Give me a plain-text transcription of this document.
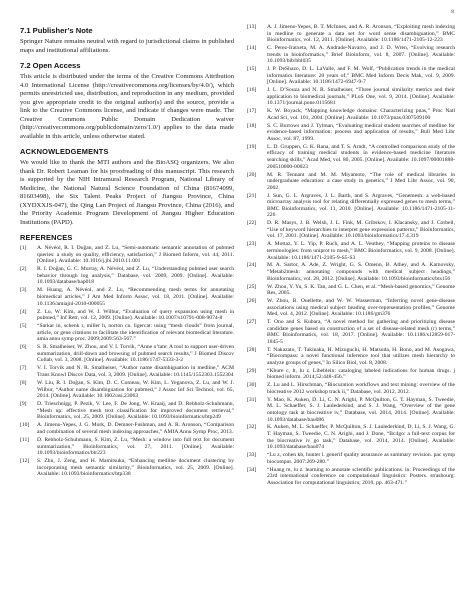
8
7.1 Publisher’s Note

Springer Nature remains neutral with regard to jurisdictional claims in published maps and institutional affiliations.

7.2 Open Access

This article is distributed under the terms of the Creative Commons Attribution 4.0 International License (http://creativecommons.org/licenses/by/4.0/), which permits unrestricted use, distribution, and reproduction in any medium, provided you give appropriate credit to the original author(s) and the source, provide a link to the Creative Commons license, and indicate if changes were made. The Creative Commons Public Domain Dedication waiver (http://creativecommons.org/publicdomain/zero/1.0/) applies to the data made available in this article, unless otherwise stated.

ACKNOWLEDGEMENTS

We would like to thank the MTI authors and the BioASQ organizers. We also thank Dr. Robert Leaman for his proofreading of this manuscript. This research is supported by the NIH Intramural Research Program, National Library of Medicine, the National Natural Science Foundation of China (81674099, 81603498), the Six Talent Peaks Project of Jiangsu Province, China (XYDXXJS-047), the Qing Lan Project of Jiangsu Province, China (2016), and the Priority Academic Program Development of Jiangsu Higher Education Institutions (PAPD).

REFERENCES
[1] A. Névéol, R. I. Doğan, and Z. Lu, “Semi-automatic semantic annotation of pubmed queries: a study on quality, efficiency, satisfaction,” J Biomed Inform, vol. 44, 2011. [Online]. Available: 10.1016/j.jbi.2010.11.001
[2] R. I. Doğan, G. C. Murray, A. Névéol, and Z. Lu, “Understanding pubmed user search behavior through log analysis,” Database, vol. 2009, 2009. [Online]. Available: 10.1093/database/bap018
[3] M. Huang, A. Névéol, and Z. Lu, “Recommending mesh terms for annotating biomedical articles,” J Am Med Inform Assoc, vol. 18, 2011. [Online]. Available: 10.1136/amiajnl-2010-000055
[4] Z. Lu, W. Kim, and W. J. Wilbur, “Evaluation of query expansion using mesh in pubmed,” Inf Retr, vol. 12, 2009. [Online]. Available: 10.1007/s10791-008-9074-8
[5] “Sarkar in, schenk r, miller h, norton cn. ligercat: using “mesh clouds” from journal, article, or gene citations to facilitate the identification of relevant biomedical literature. amia annu symp proc. 2009;2009:563-567.”
[6] S. R. Smalheiser, W. Zhou, and V. I. Torvik, “Anne o’tate: A tool to support user-driven summarization, drill-down and browsing of pubmed search results,” J Biomed Discov Collab, vol. 3, 2008. [Online]. Available: 10.1186/1747-5333-3-2
[7] V. I. Torvik and N. R. Smalheiser, “Author name disambiguation in medline,” ACM Trans Knowl Discov Data, vol. 3, 2009. [Online]. Available: 10.1145/1552303.1552304
[8] W. Liu, R. I. Doğan, S. Kim, D. C. Comeau, W. Kim, L. Yeganova, Z. Lu, and W. J. Wilbur, “Author name disambiguation for pubmed,” J Assoc Inf Sci Technol, vol. 65, 2014. [Online]. Available: 10.1002/asi.23063
[9] D. Trieschnigg, P. Pezik, V. Lee, F. De Jong, W. Kraaij, and D. Rebholz-Schuhmann, “Mesh up: effective mesh text classification for improved document retrieval,” Bioinformatics, vol. 25, 2009. [Online]. Available: 10.1093/bioinformatics/btp249
[10] A. Jimeno-Yepes, J. G. Mork, D. Demner-Fushman, and A. R. Aronson, “Comparison and combination of several mesh indexing approaches,” AMIA Annu Symp Proc, 2013.
[11] D. Rebholz-Schuhmann, S. Kim, Z. Lu, “Mesh: a window into full text for document summarization,” Bioinformatics, vol. 27, 2011. [Online]. Available: 10.1093/bioinformatics/btr223
[12] S. Zhu, J. Zeng, and H. Mamitsuka, “Enhancing medline document clustering by incorporating mesh semantic similarity,” Bioinformatics, vol. 25, 2009. [Online]. Available: 10.1093/bioinformatics/btp338
[13] A. J. Jimeno-Yepes, B. T. McInnes, and A. R. Aronson, “Exploiting mesh indexing in medline to generate a data set for word sense disambiguation,” BMC Bioinformatics, vol. 12, 2011. [Online]. Available: 10.1186/1471-2105-12-223
[14] C. Perez-Iratxeta, M. A. Andrade-Navarro, and J. D. Wren, “Evolving research trends in bioinformatics,” Brief Bioinform, vol. 8, 2007. [Online]. Available: 10.1093/bib/bbl035
[15] J. P. DeShazo, D. L. LaValle, and F. M. Wolf, “Publication trends in the medical informatics literature: 20 years of,” BMC Med Inform Decis Mak, vol. 9, 2009. [Online]. Available: 10.1186/1472-6947-9-7
[16] J. L. D’Souza and N. R. Smalheiser, “Three journal similarity metrics and their application to biomedical journals,” PLoS One, vol. 9, 2014. [Online]. Available: 10.1371/journal.pone.0115681
[17] K. W. Boyack, “Mapping knowledge domains: Characterizing pnas,” Proc Natl Acad Sci, vol. 101, 2004. [Online]. Available: 10.1073/pnas.0307509100
[18] S. C. Burrows and J. Tylman, “Evaluating medical student searches of medline for evidence-based information: process and application of results,” Bull Med Libr Assoc, vol. 87, 1999.
[19] L. D. Gruppen, G. K. Rana, and T. S. Arndt, “A controlled comparison study of the efficacy of training medical students in evidence-based medicine literature searching skills,” Acad Med, vol. 80, 2005. [Online]. Available: 10.1097/00001888-200510000-00023
[20] M. R. Tennant and M. M. Miyamoto, “The role of medical libraries in undergraduate education: a case study in genetics,” J Med Libr Assoc, vol. 90, 2002.
[21] J. Sun, G. L. Argraves, J. L. Barth, and S. Argraves, “Genemesh: a web-based microarray analysis tool for relating differentially expressed genes to mesh terms,” BMC Bioinformatics, vol. 11, 2010. [Online]. Available: 10.1186/1471-2105-11-226
[22] D. R. Masys, J. B. Welsh, J. L. Fink, M. Gribskov, I. Klacansky, and J. Corbeil, “Use of keyword hierarchies to interpret gene expression patterns,” Bioinformatics, vol. 17, 2001. [Online]. Available: 10.1093/bioinformatics/17.4.319
[23] A. Mottaz, Y. L. Yip, P. Ruch, and A. L. Veuthey, “Mapping proteins to disease terminologies: from uniprot to mesh,” BMC Bioinformatics, vol. 9, 2008. [Online]. Available: 10.1186/1471-2105-9-S5-S3
[24] M. A. Sartor, A. Ade, Z. Wright, G. S. Omenn, B. Athey, and A. Karnovsky, “Metab2mesh: annotating compounds with medical subject headings,” Bioinformatics, vol. 28, 2012. [Online]. Available: 10.1093/bioinformatics/bts156
[25] W. Zhou, Y. Yu, S. K. Tan, and G. L. Chen, et al. “Mesh-based genomics,” Genome Res, 2005.
[26] W. Zhou, B. Ouellette, and W. W. Wasserman, “Inferring novel gene-disease associations using medical subject heading over-representation profiles,” Genome Med, vol. 4, 2012. [Online]. Available: 10.1186/gm376
[27] T. Ono and S. Kubara, “A novel method for gathering and prioritizing disease candidate genes based on construction of a set of disease-related mesh (r) terms,” BMC Bioinformatics, vol. 18, 2017. [Online]. Available: 10.1186/s12859-017-1845-5
[28] T. Nakazato, T. Takinaka, H. Mizuguchi, H. Matsuda, H. Bono, and M. Asogawa, “Biocompass: a novel functional inference tool that utilizes mesh hierarchy to analyze groups of genes,” In Silico Biol, vol. 8, 2008.
[29] “Kbure c, lt, lu z. Libeblein: cataloging labeled indications for human drugs. j biomed inform. 2014;52:448-456.”
[30] Z. Lu and L. Hirschman, “Biocuration workflows and text mining: overview of the biocreative 2012 workshop track ii,” Database, vol. 2012, 2012.
[31] Y. Mao, K. Auken, D. Li, C. N. Arighi, P. McQuilton, G. T. Hayman, S. Tweedie, M. L. Schaeffer, S. J. Laulederkind, and S. J. Wang, “Overview of the gene ontology task at biocreative iv,” Database, vol. 2014, 2014. [Online]. Available: 10.1093/database/bau086
[32] K. Auken, M. L. Schaeffer, P. McQuilton, S. J. Laulederkind, D. Li, S. J. Wang, G. T. Hayman, S. Tweedie, C. N. Arighi, and J. Done, “Bc4go: a full-text corpus for the biocreative iv go task,” Database, vol. 2014, 2014. [Online]. Available: 10.1093/database/bau074
[33] “Lu z, cohen kb, hunter l. generif quality assurance as summary revision. pac symp biocomput. 2007:269-280.”
[34] “Huang m, lu z. learning to annotate scientific publications. in: Proceedings of the 23rd international conference on computational linguistics: Posters. strasbourg: Association for computational linguistics; 2010. pp. 463-471.”
